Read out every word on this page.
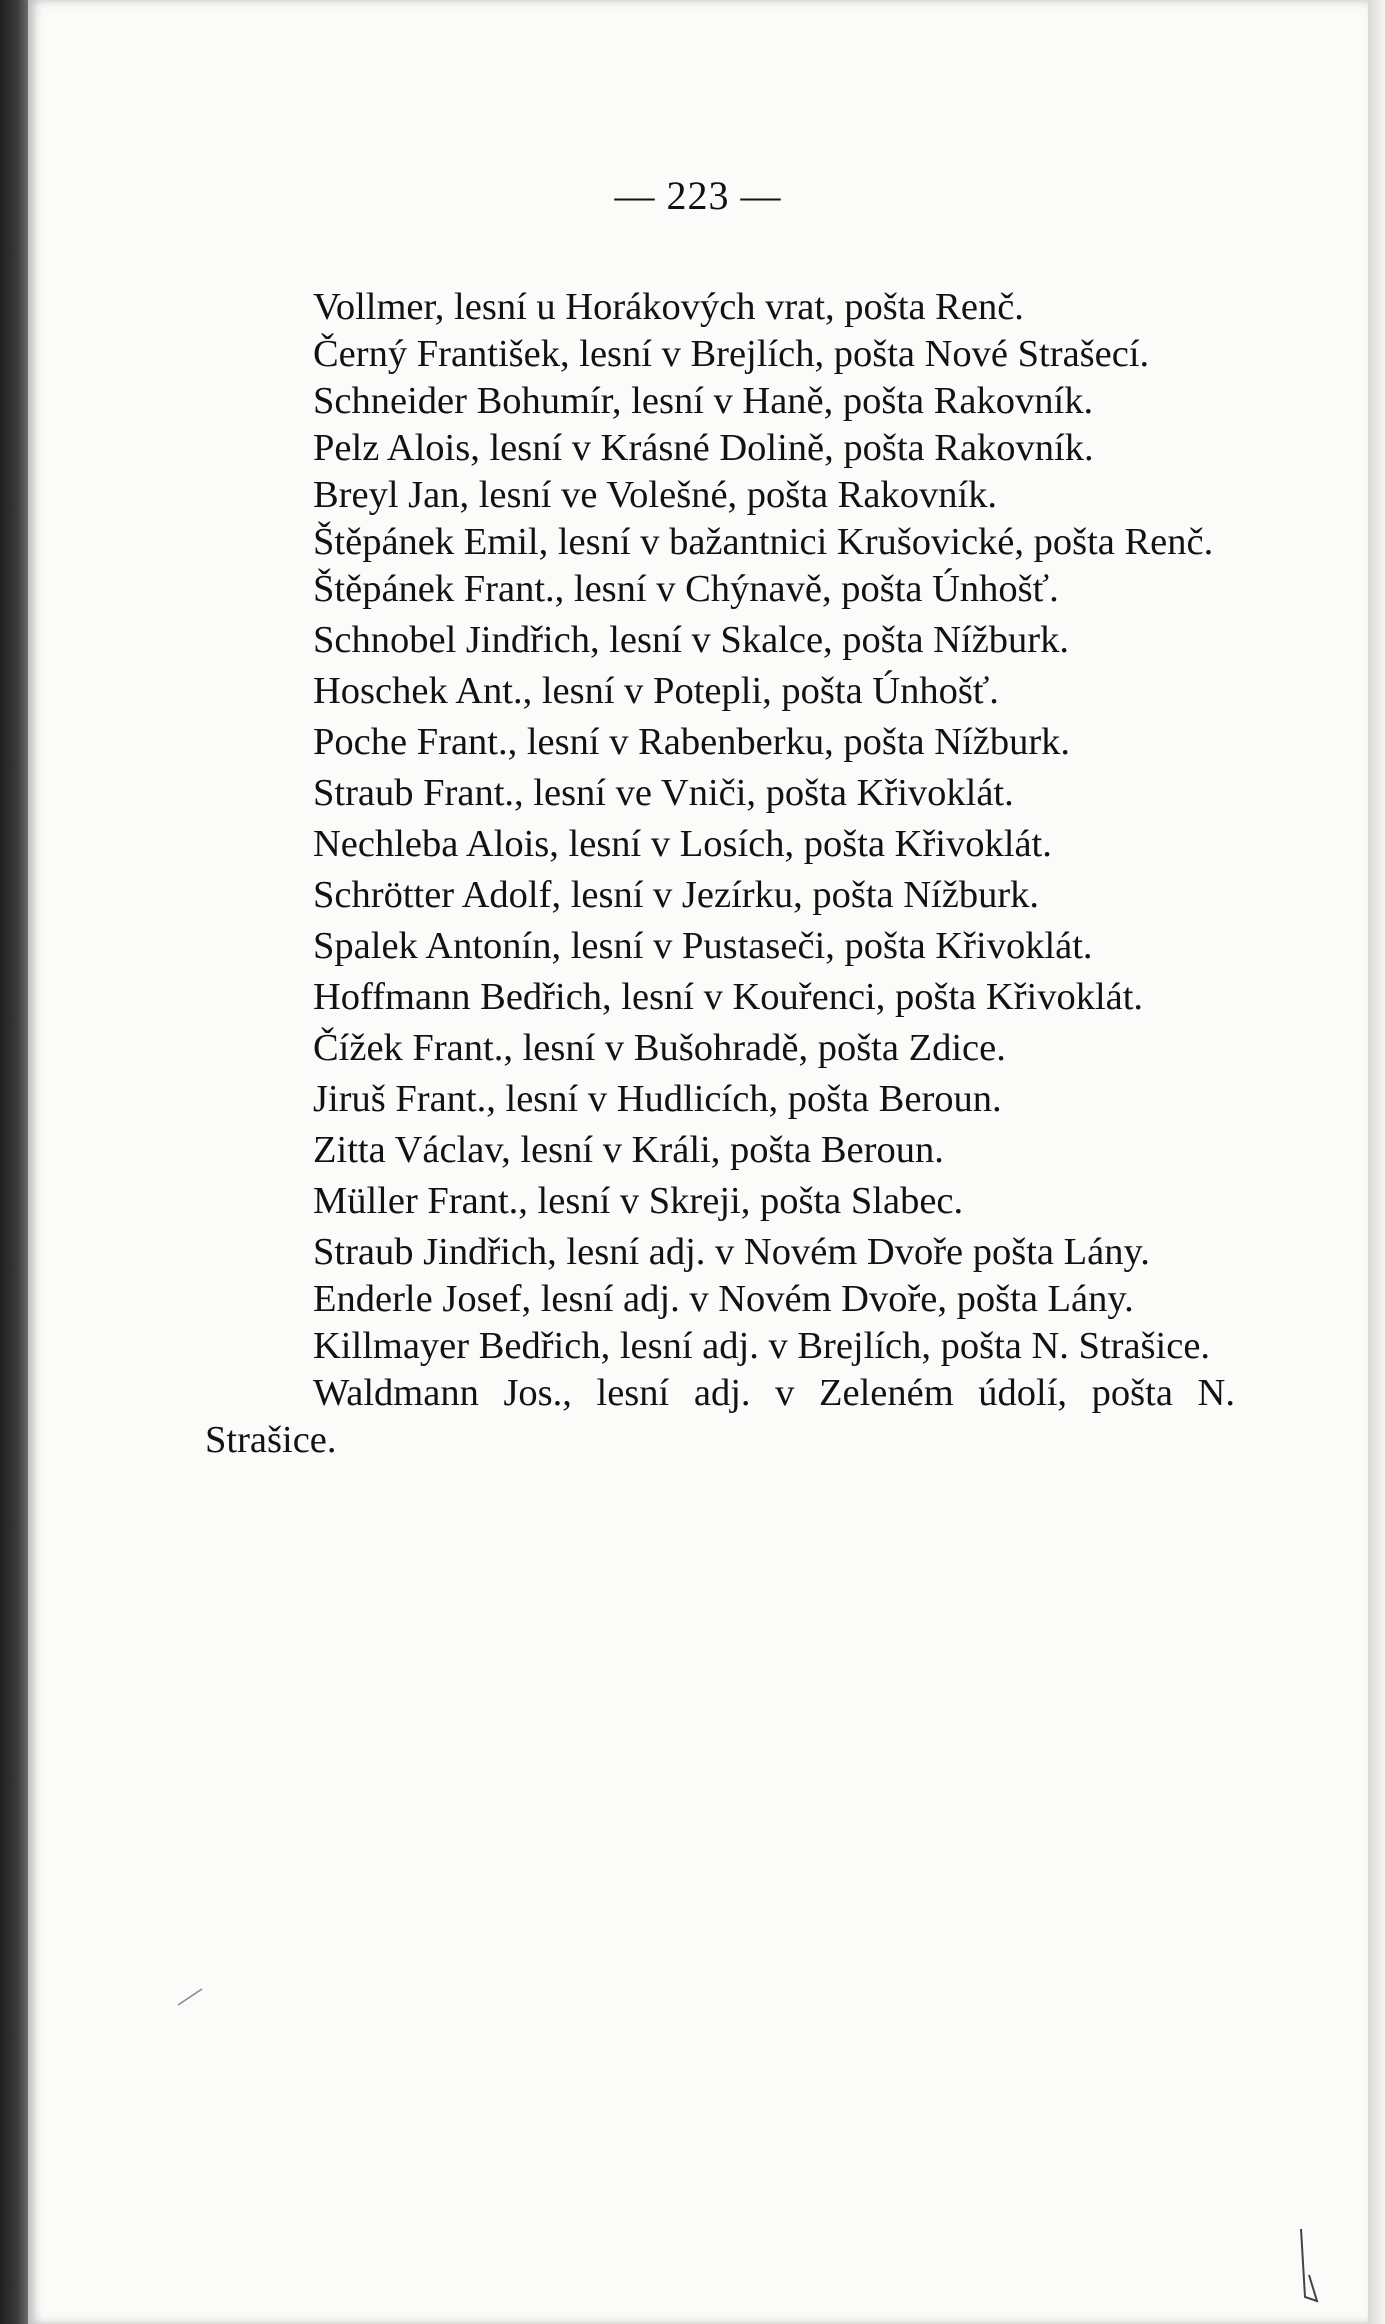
— 223 —

Vollmer, lesní u Horákových vrat, pošta Renč.

Černý František, lesní v Brejlích, pošta Nové Strašecí.

Schneider Bohumír, lesní v Haně, pošta Rakovník.

Pelz Alois, lesní v Krásné Dolině, pošta Rakovník.

Breyl Jan, lesní ve Volešné, pošta Rakovník.

Štěpánek Emil, lesní v bažantnici Krušovické, pošta Renč.

Štěpánek Frant., lesní v Chýnavě, pošta Únhošť.

Schnobel Jindřich, lesní v Skalce, pošta Nížburk.

Hoschek Ant., lesní v Potepli, pošta Únhošť.

Poche Frant., lesní v Rabenberku, pošta Nížburk.

Straub Frant., lesní ve Vniči, pošta Křivoklát.

Nechleba Alois, lesní v Losích, pošta Křivoklát.

Schrötter Adolf, lesní v Jezírku, pošta Nížburk.

Spalek Antonín, lesní v Pustaseči, pošta Křivoklát.

Hoffmann Bedřich, lesní v Kouřenci, pošta Křivoklát.

Čížek Frant., lesní v Bušohradě, pošta Zdice.

Jiruš Frant., lesní v Hudlicích, pošta Beroun.

Zitta Václav, lesní v Králi, pošta Beroun.

Müller Frant., lesní v Skreji, pošta Slabec.

Straub Jindřich, lesní adj. v Novém Dvoře pošta Lány.

Enderle Josef, lesní adj. v Novém Dvoře, pošta Lány.

Killmayer Bedřich, lesní adj. v Brejlích, pošta N. Strašice.

Waldmann Jos., lesní adj. v Zeleném údolí, pošta N. Strašice.
